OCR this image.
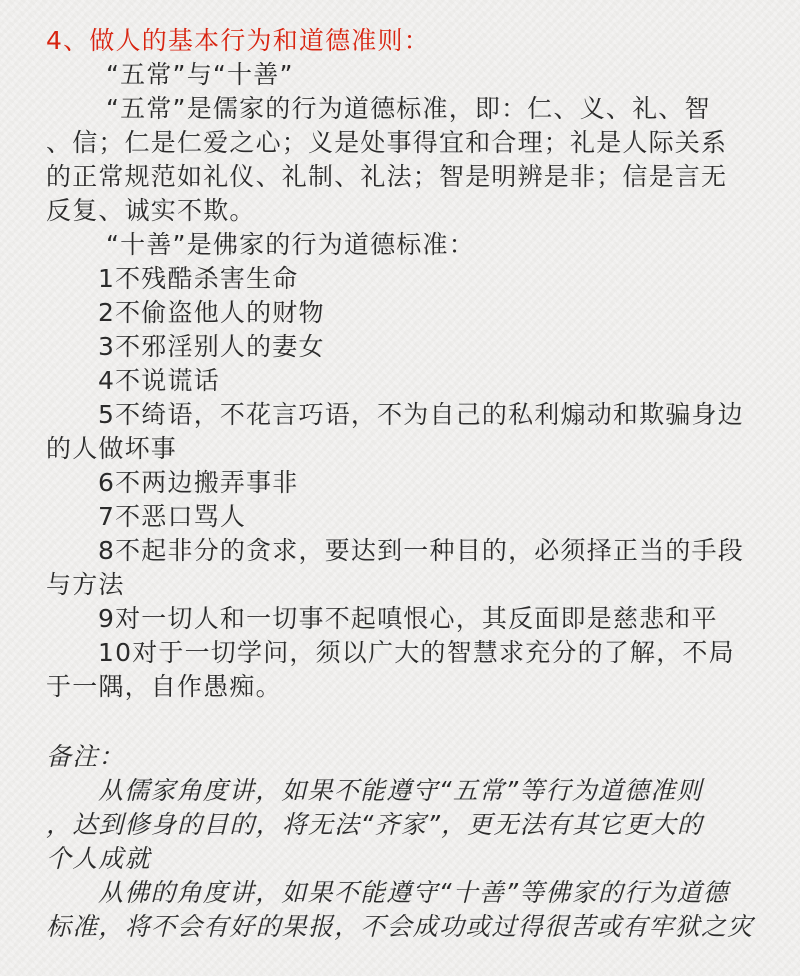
4、做人的基本行为和道德准则：
“五常”与“十善”
“五常”是儒家的行为道德标准，即：仁、义、礼、智
、信；仁是仁爱之心；义是处事得宜和合理；礼是人际关系
的正常规范如礼仪、礼制、礼法；智是明辨是非；信是言无
反复、诚实不欺。
“十善”是佛家的行为道德标准：
1不残酷杀害生命
2不偷盗他人的财物
3不邪淫别人的妻女
4不说谎话
5不绮语，不花言巧语，不为自己的私利煽动和欺骗身边
的人做坏事
6不两边搬弄事非
7不恶口骂人
8不起非分的贪求，要达到一种目的，必须择正当的手段
与方法
9对一切人和一切事不起嗔恨心，其反面即是慈悲和平
10对于一切学问，须以广大的智慧求充分的了解，不局
于一隅，自作愚痴。
备注：
从儒家角度讲，如果不能遵守“五常”等行为道德准则
，达到修身的目的，将无法“齐家”，更无法有其它更大的
个人成就
从佛的角度讲，如果不能遵守“十善”等佛家的行为道德
标准，将不会有好的果报，不会成功或过得很苦或有牢狱之灾
